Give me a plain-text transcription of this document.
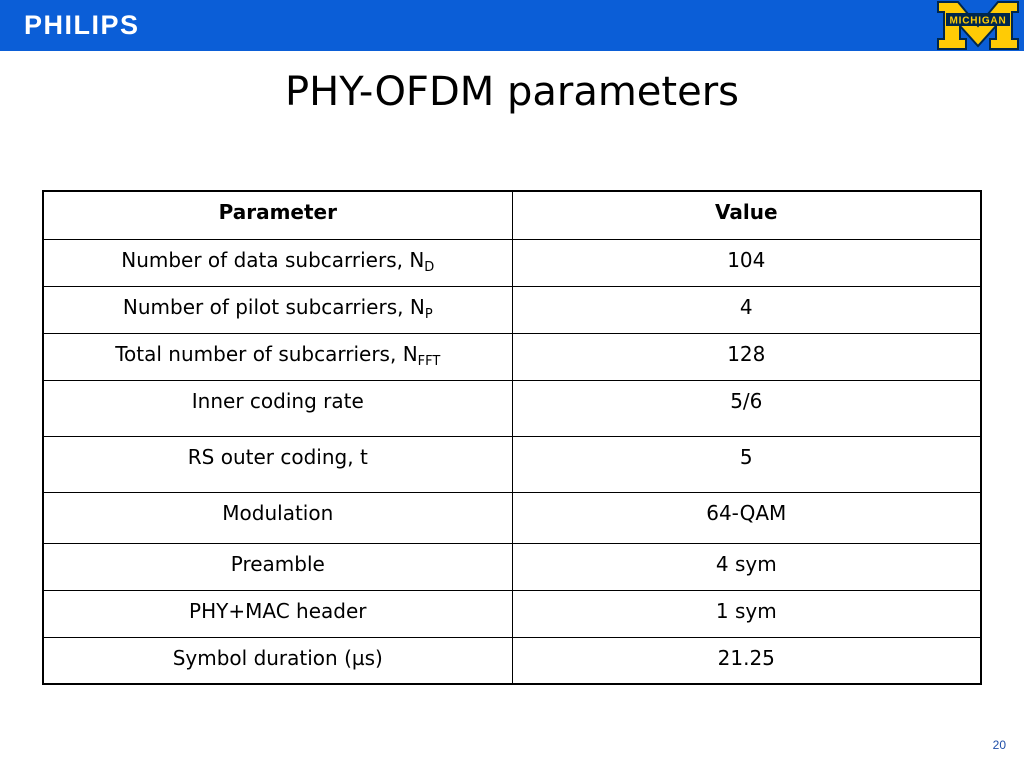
PHILIPS	MICHIGAN
PHY-OFDM parameters
Parameter	Value
Number of data subcarriers, $N_D$	104
Number of pilot subcarriers, $N_P$	4
Total number of subcarriers, $N_{FFT}$	128
Inner coding rate	5/6
RS outer coding, t	5
Modulation	64-QAM
Preamble	4 sym
PHY+MAC header	1 sym
Symbol duration (µs)	21.25
20
